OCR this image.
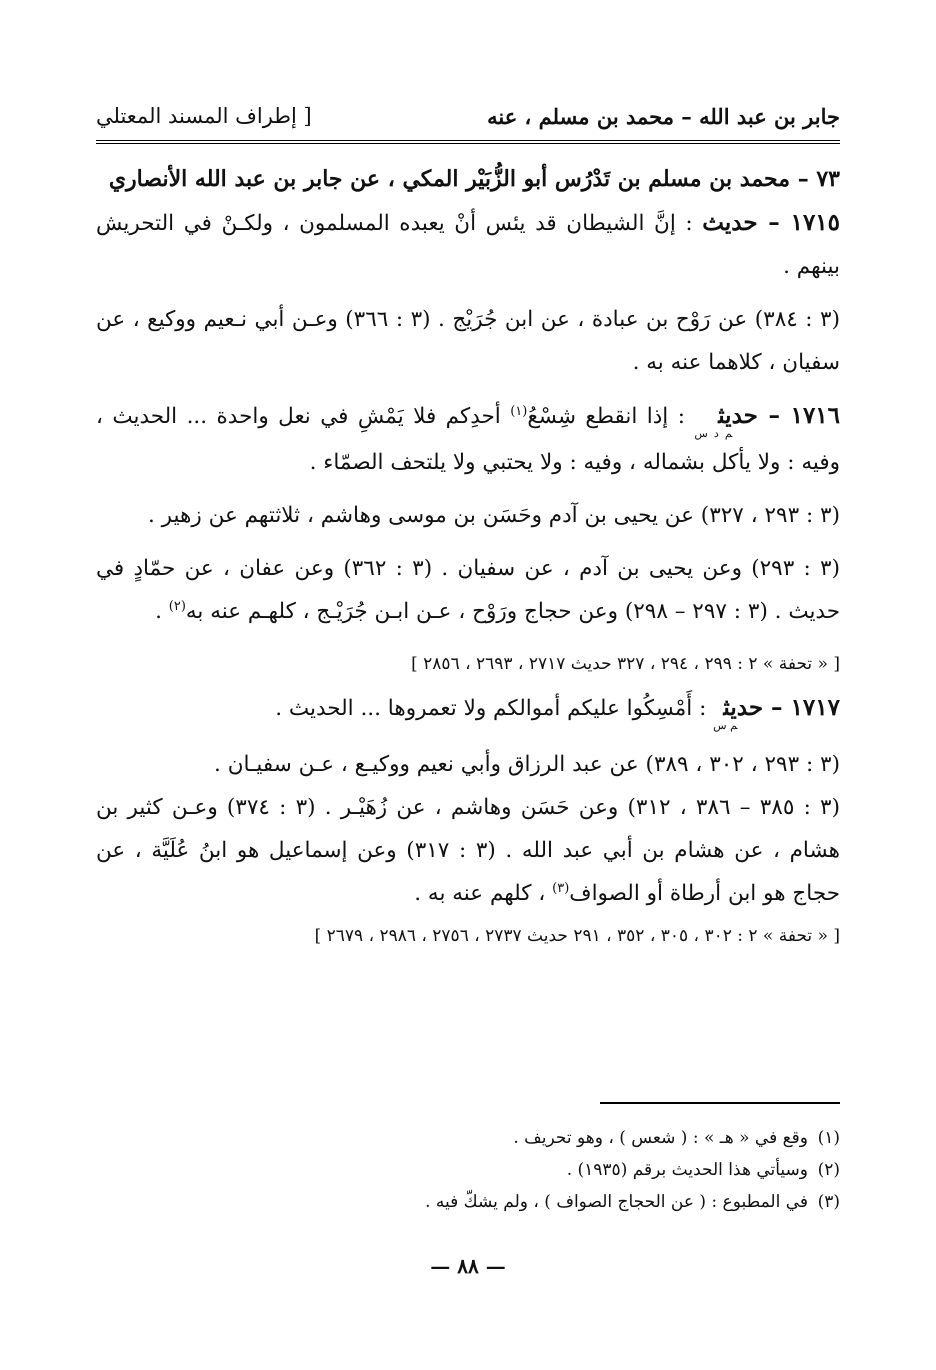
جابر بن عبد الله – محمد بن مسلم ، عنه
[ إطراف المسند المعتلي

٧٣ – محمد بن مسلم بن تَدْرُس أبو الزُّبَيْر المكي ، عن جابر بن عبد الله الأنصاري

١٧١٥ – حديث : إنَّ الشيطان قد يئس أنْ يعبده المسلمون ، ولكـنْ في التحريش بينهم .

(٣ : ٣٨٤) عن رَوْح بن عبادة ، عن ابن جُرَيْج . (٣ : ٣٦٦) وعـن أبي نـعيم ووكيع ، عن سفيان ، كلاهما عنه به .

١٧١٦ – حديث$_{م د س}$ : إذا انقطع شِسْعُ$^{(١)}$ أحدِكم فلا يَمْشِ في نعل واحدة ... الحديث ، وفيه : ولا يأكل بشماله ، وفيه : ولا يحتبي ولا يلتحف الصمّاء .

(٣ : ٢٩٣ ، ٣٢٧) عن يحيى بن آدم وحَسَن بن موسى وهاشم ، ثلاثتهم عن زهير .

(٣ : ٢٩٣) وعن يحيى بن آدم ، عن سفيان . (٣ : ٣٦٢) وعن عفان ، عن حمّادٍ في حديث . (٣ : ٢٩٧ – ٢٩٨) وعن حجاج ورَوْح ، عـن ابـن جُرَيْـج ، كلهـم عنه به$^{(٢)}$ .

[ « تحفة » ٢ : ٢٩٩ ، ٢٩٤ ، ٣٢٧ حديث ٢٧١٧ ، ٢٦٩٣ ، ٢٨٥٦ ]

١٧١٧ – حديث$_{م س}$ : أَمْسِكُوا عليكم أموالكم ولا تعمروها ... الحديث .

(٣ : ٢٩٣ ، ٣٠٢ ، ٣٨٩) عن عبد الرزاق وأبي نعيم ووكيـع ، عـن سفيـان .

(٣ : ٣٨٥ – ٣٨٦ ، ٣١٢) وعن حَسَن وهاشم ، عن زُهَيْـر . (٣ : ٣٧٤) وعـن كثير بن هشام ، عن هشام بن أبي عبد الله . (٣ : ٣١٧) وعن إسماعيل هو ابنُ عُلَيَّة ، عن حجاج هو ابن أرطاة أو الصواف$^{(٣)}$ ، كلهم عنه به .

[ « تحفة » ٢ : ٣٠٢ ، ٣٠٥ ، ٣٥٢ ، ٢٩١ حديث ٢٧٣٧ ، ٢٧٥٦ ، ٢٩٨٦ ، ٢٦٧٩ ]

(١)وقع في « هـ » : ( شعس ) ، وهو تحريف .

(٢)وسيأتي هذا الحديث برقم (١٩٣٥) .

(٣)في المطبوع : ( عن الحجاج الصواف ) ، ولم يشكّ فيه .

— ٨٨ —
